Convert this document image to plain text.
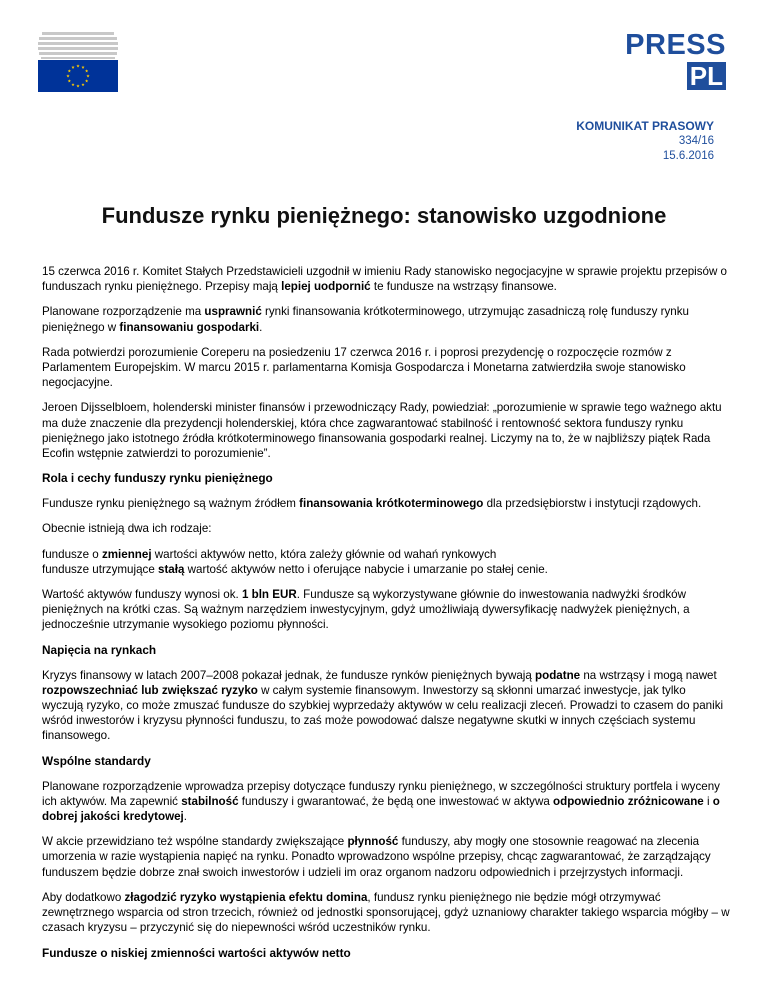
PRESS
PL
KOMUNIKAT PRASOWY
334/16
15.6.2016
Fundusze rynku pieniężnego: stanowisko uzgodnione

15 czerwca 2016 r. Komitet Stałych Przedstawicieli uzgodnił w imieniu Rady stanowisko negocjacyjne w sprawie projektu przepisów o funduszach rynku pieniężnego. Przepisy mają lepiej uodpornić te fundusze na wstrząsy finansowe.

Planowane rozporządzenie ma usprawnić rynki finansowania krótkoterminowego, utrzymując zasadniczą rolę funduszy rynku pieniężnego w finansowaniu gospodarki.

Rada potwierdzi porozumienie Coreperu na posiedzeniu 17 czerwca 2016 r. i poprosi prezydencję o rozpoczęcie rozmów z Parlamentem Europejskim. W marcu 2015 r. parlamentarna Komisja Gospodarcza i Monetarna zatwierdziła swoje stanowisko negocjacyjne.

Jeroen Dijsselbloem, holenderski minister finansów i przewodniczący Rady, powiedział: „porozumienie w sprawie tego ważnego aktu ma duże znaczenie dla prezydencji holenderskiej, która chce zagwarantować stabilność i rentowność sektora funduszy rynku pieniężnego jako istotnego źródła krótkoterminowego finansowania gospodarki realnej. Liczymy na to, że w najbliższy piątek Rada Ecofin wstępnie zatwierdzi to porozumienie”.

Rola i cechy funduszy rynku pieniężnego

Fundusze rynku pieniężnego są ważnym źródłem finansowania krótkoterminowego dla przedsiębiorstw i instytucji rządowych.

Obecnie istnieją dwa ich rodzaje:

fundusze o zmiennej wartości aktywów netto, która zależy głównie od wahań rynkowych
fundusze utrzymujące stałą wartość aktywów netto i oferujące nabycie i umarzanie po stałej cenie.

Wartość aktywów funduszy wynosi ok. 1 bln EUR. Fundusze są wykorzystywane głównie do inwestowania nadwyżki środków pieniężnych na krótki czas. Są ważnym narzędziem inwestycyjnym, gdyż umożliwiają dywersyfikację nadwyżek pieniężnych, a jednocześnie utrzymanie wysokiego poziomu płynności.

Napięcia na rynkach

Kryzys finansowy w latach 2007–2008 pokazał jednak, że fundusze rynków pieniężnych bywają podatne na wstrząsy i mogą nawet rozpowszechniać lub zwiększać ryzyko w całym systemie finansowym. Inwestorzy są skłonni umarzać inwestycje, jak tylko wyczują ryzyko, co może zmuszać fundusze do szybkiej wyprzedaży aktywów w celu realizacji zleceń. Prowadzi to czasem do paniki wśród inwestorów i kryzysu płynności funduszu, to zaś może powodować dalsze negatywne skutki w innych częściach systemu finansowego.

Wspólne standardy

Planowane rozporządzenie wprowadza przepisy dotyczące funduszy rynku pieniężnego, w szczególności struktury portfela i wyceny ich aktywów. Ma zapewnić stabilność funduszy i gwarantować, że będą one inwestować w aktywa odpowiednio zróżnicowane i o dobrej jakości kredytowej.

W akcie przewidziano też wspólne standardy zwiększające płynność funduszy, aby mogły one stosownie reagować na zlecenia umorzenia w razie wystąpienia napięć na rynku. Ponadto wprowadzono wspólne przepisy, chcąc zagwarantować, że zarządzający funduszem będzie dobrze znał swoich inwestorów i udzieli im oraz organom nadzoru odpowiednich i przejrzystych informacji.

Aby dodatkowo złagodzić ryzyko wystąpienia efektu domina, fundusz rynku pieniężnego nie będzie mógł otrzymywać zewnętrznego wsparcia od stron trzecich, również od jednostki sponsorującej, gdyż uznaniowy charakter takiego wsparcia mógłby – w czasach kryzysu – przyczynić się do niepewności wśród uczestników rynku.

Fundusze o niskiej zmienności wartości aktywów netto
